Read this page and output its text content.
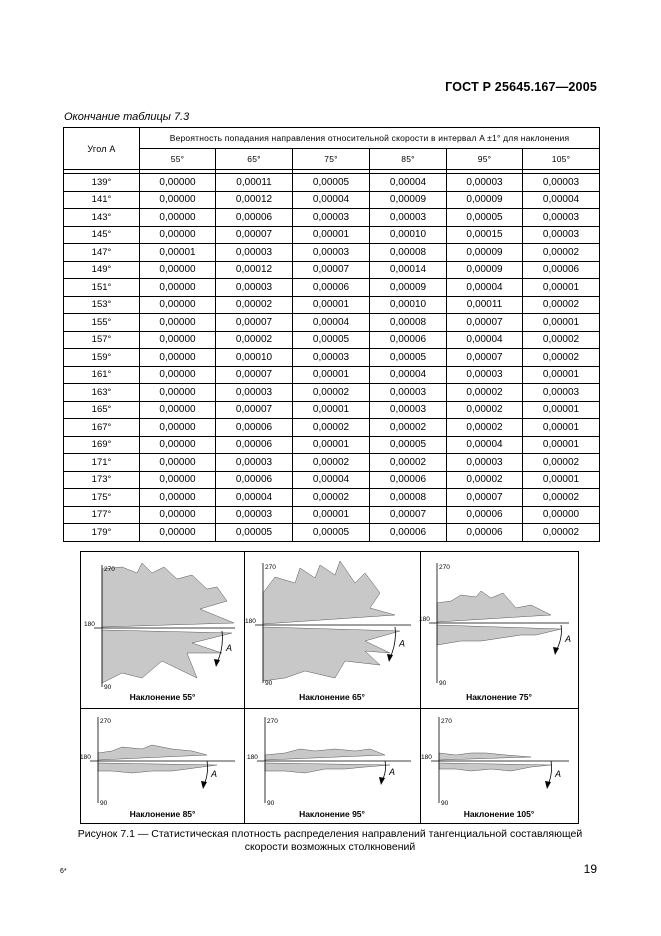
ГОСТ Р 25645.167—2005
Окончание таблицы 7.3
Угол A	Вероятность попадания направления относительной скорости в интервал A ±1° для наклонения					
	55°	65°	75°	85°	95°	105°

139°	0,00000	0,00011	0,00005	0,00004	0,00003	0,00003
141°	0,00000	0,00012	0,00004	0,00009	0,00009	0,00004
143°	0,00000	0,00006	0,00003	0,00003	0,00005	0,00003
145°	0,00000	0,00007	0,00001	0,00010	0,00015	0,00003
147°	0,00001	0,00003	0,00003	0,00008	0,00009	0,00002
149°	0,00000	0,00012	0,00007	0,00014	0,00009	0,00006
151°	0,00000	0,00003	0,00006	0,00009	0,00004	0,00001
153°	0,00000	0,00002	0,00001	0,00010	0,00011	0,00002
155°	0,00000	0,00007	0,00004	0,00008	0,00007	0,00001
157°	0,00000	0,00002	0,00005	0,00006	0,00004	0,00002
159°	0,00000	0,00010	0,00003	0,00005	0,00007	0,00002
161°	0,00000	0,00007	0,00001	0,00004	0,00003	0,00001
163°	0,00000	0,00003	0,00002	0,00003	0,00002	0,00003
165°	0,00000	0,00007	0,00001	0,00003	0,00002	0,00001
167°	0,00000	0,00006	0,00002	0,00002	0,00002	0,00001
169°	0,00000	0,00006	0,00001	0,00005	0,00004	0,00001
171°	0,00000	0,00003	0,00002	0,00002	0,00003	0,00002
173°	0,00000	0,00006	0,00004	0,00006	0,00002	0,00001
175°	0,00000	0,00004	0,00002	0,00008	0,00007	0,00002
177°	0,00000	0,00003	0,00001	0,00007	0,00006	0,00000
179°	0,00000	0,00005	0,00005	0,00006	0,00006	0,00002
270
180
90
A
Наклонение 55°
270
180
90
A
Наклонение 65°
270
180
90
A
Наклонение 75°
270
180
90
A
Наклонение 85°
270
180
90
A
Наклонение 95°
270
180
90
A
Наклонение 105°
Рисунок 7.1 — Статистическая плотность распределения направлений тангенциальной составляющей скорости возможных столкновений
6*	19
